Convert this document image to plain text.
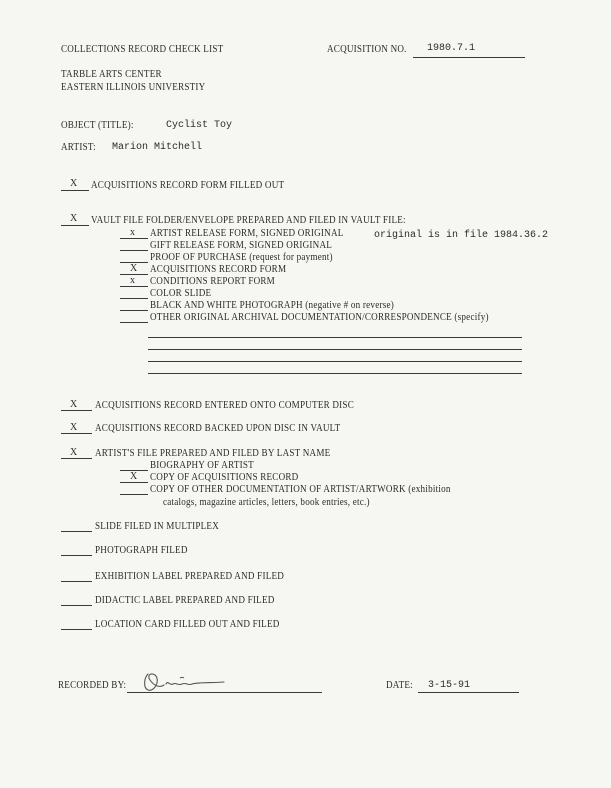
COLLECTIONS RECORD CHECK LIST	ACQUISITION NO. 1980.7.1
TARBLE ARTS CENTER
EASTERN ILLINOIS UNIVERSTIY
OBJECT (TITLE):	Cyclist Toy
ARTIST: Marion Mitchell
X ACQUISITIONS RECORD FORM FILLED OUT
X VAULT FILE FOLDER/ENVELOPE PREPARED AND FILED IN VAULT FILE:
x ARTIST RELEASE FORM, SIGNED ORIGINAL	original is in file 1984.36.2
GIFT RELEASE FORM, SIGNED ORIGINAL
PROOF OF PURCHASE (request for payment)
X ACQUISITIONS RECORD FORM
x CONDITIONS REPORT FORM
COLOR SLIDE
BLACK AND WHITE PHOTOGRAPH (negative # on reverse)
OTHER ORIGINAL ARCHIVAL DOCUMENTATION/CORRESPONDENCE (specify)
X ACQUISITIONS RECORD ENTERED ONTO COMPUTER DISC
X ACQUISITIONS RECORD BACKED UPON DISC IN VAULT
X ARTIST'S FILE PREPARED AND FILED BY LAST NAME
BIOGRAPHY OF ARTIST
X COPY OF ACQUISITIONS RECORD
COPY OF OTHER DOCUMENTATION OF ARTIST/ARTWORK (exhibition
catalogs, magazine articles, letters, book entries, etc.)
SLIDE FILED IN MULTIPLEX
PHOTOGRAPH FILED
EXHIBITION LABEL PREPARED AND FILED
DIDACTIC LABEL PREPARED AND FILED
LOCATION CARD FILLED OUT AND FILED
RECORDED BY:	DATE: 3-15-91
